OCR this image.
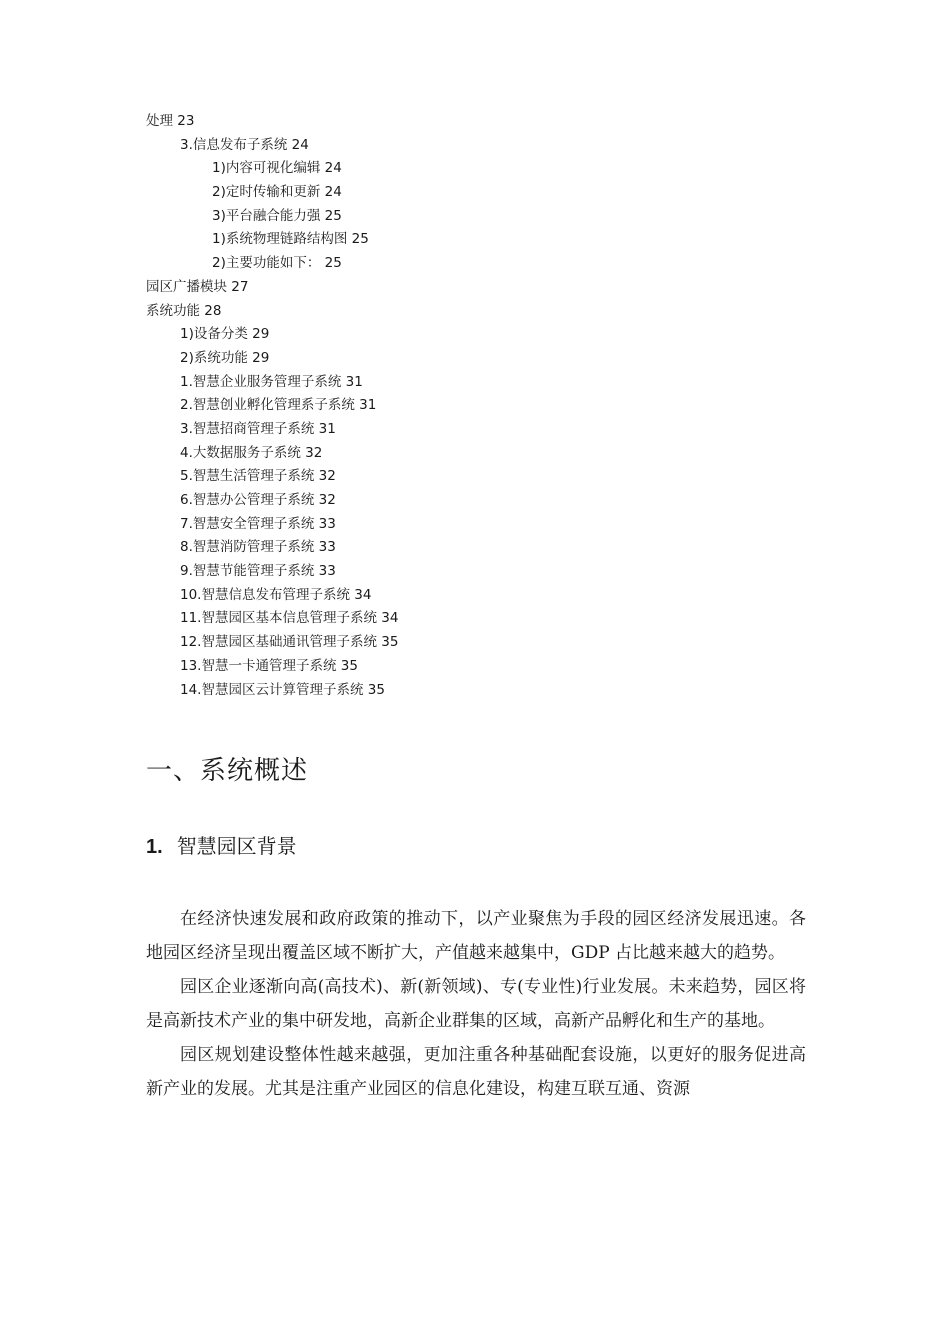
处理 23
3.信息发布子系统 24
1)内容可视化编辑 24
2)定时传输和更新 24
3)平台融合能力强 25
1)系统物理链路结构图 25
2)主要功能如下： 25
园区广播模块 27
系统功能 28
1)设备分类 29
2)系统功能 29
1.智慧企业服务管理子系统 31
2.智慧创业孵化管理系子系统 31
3.智慧招商管理子系统 31
4.大数据服务子系统 32
5.智慧生活管理子系统 32
6.智慧办公管理子系统 32
7.智慧安全管理子系统 33
8.智慧消防管理子系统 33
9.智慧节能管理子系统 33
10.智慧信息发布管理子系统 34
11.智慧园区基本信息管理子系统 34
12.智慧园区基础通讯管理子系统 35
13.智慧一卡通管理子系统 35
14.智慧园区云计算管理子系统 35
一、系统概述
1. 智慧园区背景

在经济快速发展和政府政策的推动下，以产业聚焦为手段的园区经济发展迅速。各地园区经济呈现出覆盖区域不断扩大，产值越来越集中，GDP 占比越来越大的趋势。

园区企业逐渐向高(高技术)、新(新领域)、专(专业性)行业发展。未来趋势，园区将是高新技术产业的集中研发地，高新企业群集的区域，高新产品孵化和生产的基地。

园区规划建设整体性越来越强，更加注重各种基础配套设施，以更好的服务促进高新产业的发展。尤其是注重产业园区的信息化建设，构建互联互通、资源
